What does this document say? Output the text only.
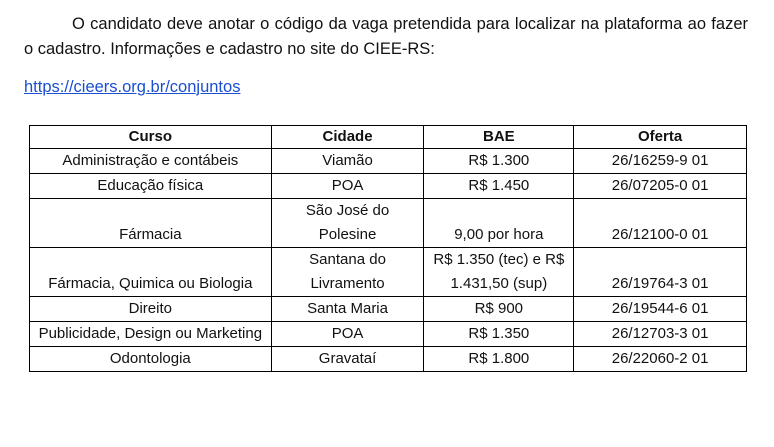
O candidato deve anotar o código da vaga pretendida para localizar na plataforma ao fazer o cadastro. Informações e cadastro no site do CIEE-RS:

https://cieers.org.br/conjuntos
Curso	Cidade	BAE	Oferta
Administração e contábeis	Viamão	R$ 1.300	26/16259-9 01
Educação física	POA	R$ 1.450	26/07205-0 01
Fármacia	São José do Polesine	9,00 por hora	26/12100-0 01
Fármacia, Quimica ou Biologia	Santana do Livramento	R$ 1.350 (tec) e R$ 1.431,50 (sup)	26/19764-3 01
Direito	Santa Maria	R$ 900	26/19544-6 01
Publicidade, Design ou Marketing	POA	R$ 1.350	26/12703-3 01
Odontologia	Gravataí	R$ 1.800	26/22060-2 01
